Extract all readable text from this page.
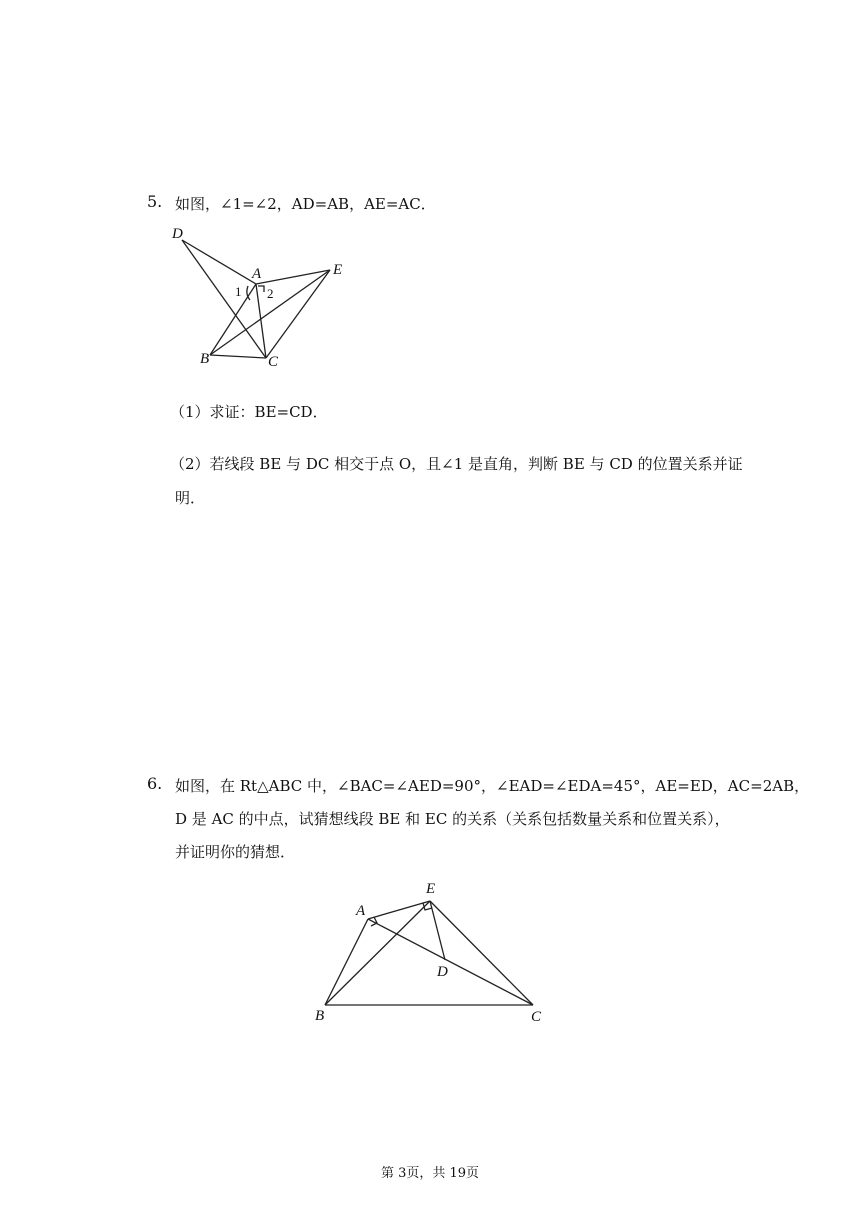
5. 如图，∠1=∠2，AD=AB，AE=AC．
D
A	E
B	C
1 2
（1）求证：BE=CD．
（2）若线段 BE 与 DC 相交于点 O，且∠1 是直角，判断 BE 与 CD 的位置关系并证
明．
6. 如图，在 Rt△ABC 中，∠BAC=∠AED=90°，∠EAD=∠EDA=45°，AE=ED，AC=2AB，
D 是 AC 的中点，试猜想线段 BE 和 EC 的关系（关系包括数量关系和位置关系），
并证明你的猜想．
E
A
D
B	C
第 3页，共 19页
